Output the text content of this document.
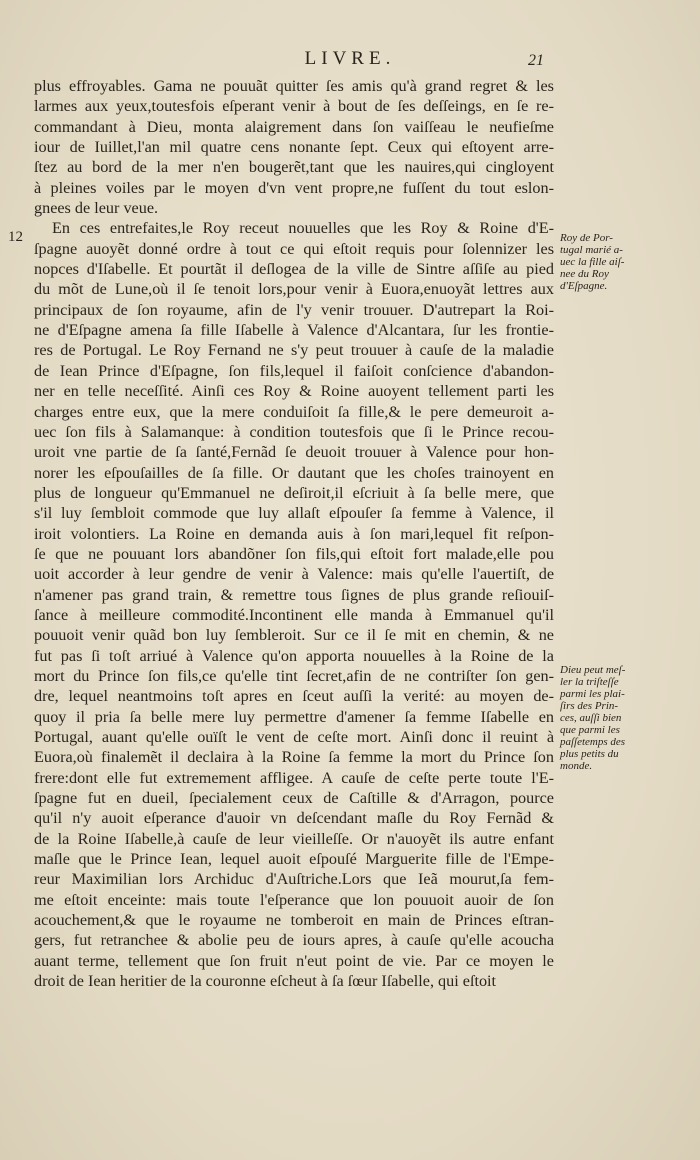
LIVRE.	21
12
plus effroyables. Gama ne pouuãt quitter ſes amis qu'à grand regret & les
larmes aux yeux,toutesfois eſperant venir à bout de ſes deſſeings, en ſe re-
commandant à Dieu, monta alaigrement dans ſon vaiſſeau le neufieſme
iour de Iuillet,l'an mil quatre cens nonante ſept. Ceux qui eſtoyent arre-
ſtez au bord de la mer n'en bougerẽt,tant que les nauires,qui cingloyent
à pleines voiles par le moyen d'vn vent propre,ne fuſſent du tout eslon-
gnees de leur veue.
En ces entrefaites,le Roy receut nouuelles que les Roy & Roine d'E-
ſpagne auoyẽt donné ordre à tout ce qui eſtoit requis pour ſolennizer les
nopces d'Iſabelle. Et pourtãt il deſlogea de la ville de Sintre aſſiſe au pied
du mõt de Lune,où il ſe tenoit lors,pour venir à Euora,enuoyãt lettres aux
principaux de ſon royaume, afin de l'y venir trouuer. D'autrepart la Roi-
ne d'Eſpagne amena ſa fille Iſabelle à Valence d'Alcantara, ſur les frontie-
res de Portugal. Le Roy Fernand ne s'y peut trouuer à cauſe de la maladie
de Iean Prince d'Eſpagne, ſon fils,lequel il faiſoit conſcience d'abandon-
ner en telle neceſſité. Ainſi ces Roy & Roine auoyent tellement parti les
charges entre eux, que la mere conduiſoit ſa fille,& le pere demeuroit a-
uec ſon fils à Salamanque: à condition toutesfois que ſi le Prince recou-
uroit vne partie de ſa ſanté,Fernãd ſe deuoit trouuer à Valence pour hon-
norer les eſpouſailles de ſa fille. Or dautant que les choſes trainoyent en
plus de longueur qu'Emmanuel ne deſiroit,il eſcriuit à ſa belle mere, que
s'il luy ſembloit commode que luy allaſt eſpouſer ſa femme à Valence, il
iroit volontiers. La Roine en demanda auis à ſon mari,lequel fit reſpon-
ſe que ne pouuant lors abandõner ſon fils,qui eſtoit fort malade,elle pou
uoit accorder à leur gendre de venir à Valence: mais qu'elle l'auertiſt, de
n'amener pas grand train, & remettre tous ſignes de plus grande reſiouiſ-
ſance à meilleure commodité.Incontinent elle manda à Emmanuel qu'il
pouuoit venir quãd bon luy ſembleroit. Sur ce il ſe mit en chemin, & ne
fut pas ſi toſt arriué à Valence qu'on apporta nouuelles à la Roine de la
mort du Prince ſon fils,ce qu'elle tint ſecret,afin de ne contriſter ſon gen-
dre, lequel neantmoins toſt apres en ſceut auſſi la verité: au moyen de-
quoy il pria ſa belle mere luy permettre d'amener ſa femme Iſabelle en
Portugal, auant qu'elle ouïſt le vent de ceſte mort. Ainſi donc il reuint à
Euora,où finalemẽt il declaira à la Roine ſa femme la mort du Prince ſon
frere:dont elle fut extremement affligee. A cauſe de ceſte perte toute l'E-
ſpagne fut en dueil, ſpecialement ceux de Caſtille & d'Arragon, pource
qu'il n'y auoit eſperance d'auoir vn deſcendant maſle du Roy Fernãd &
de la Roine Iſabelle,à cauſe de leur vieilleſſe. Or n'auoyẽt ils autre enfant
maſle que le Prince Iean, lequel auoit eſpouſé Marguerite fille de l'Empe-
reur Maximilian lors Archiduc d'Auſtriche.Lors que Ieã mourut,ſa fem-
me eſtoit enceinte: mais toute l'eſperance que lon pouuoit auoir de ſon
acouchement,& que le royaume ne tomberoit en main de Princes eſtran-
gers, fut retranchee & abolie peu de iours apres, à cauſe qu'elle acoucha
auant terme, tellement que ſon fruit n'eut point de vie. Par ce moyen le
droit de Iean heritier de la couronne eſcheut à ſa ſœur Iſabelle, qui eſtoit
Roy de Por-
tugal marié a-
uec la fille aiſ-
nee du Roy
d'Eſpagne.
Dieu peut meſ-
ler la triſteſſe
parmi les plai-
ſirs des Prin-
ces, auſſi bien
que parmi les
paſſetemps des
plus petits du
monde.
